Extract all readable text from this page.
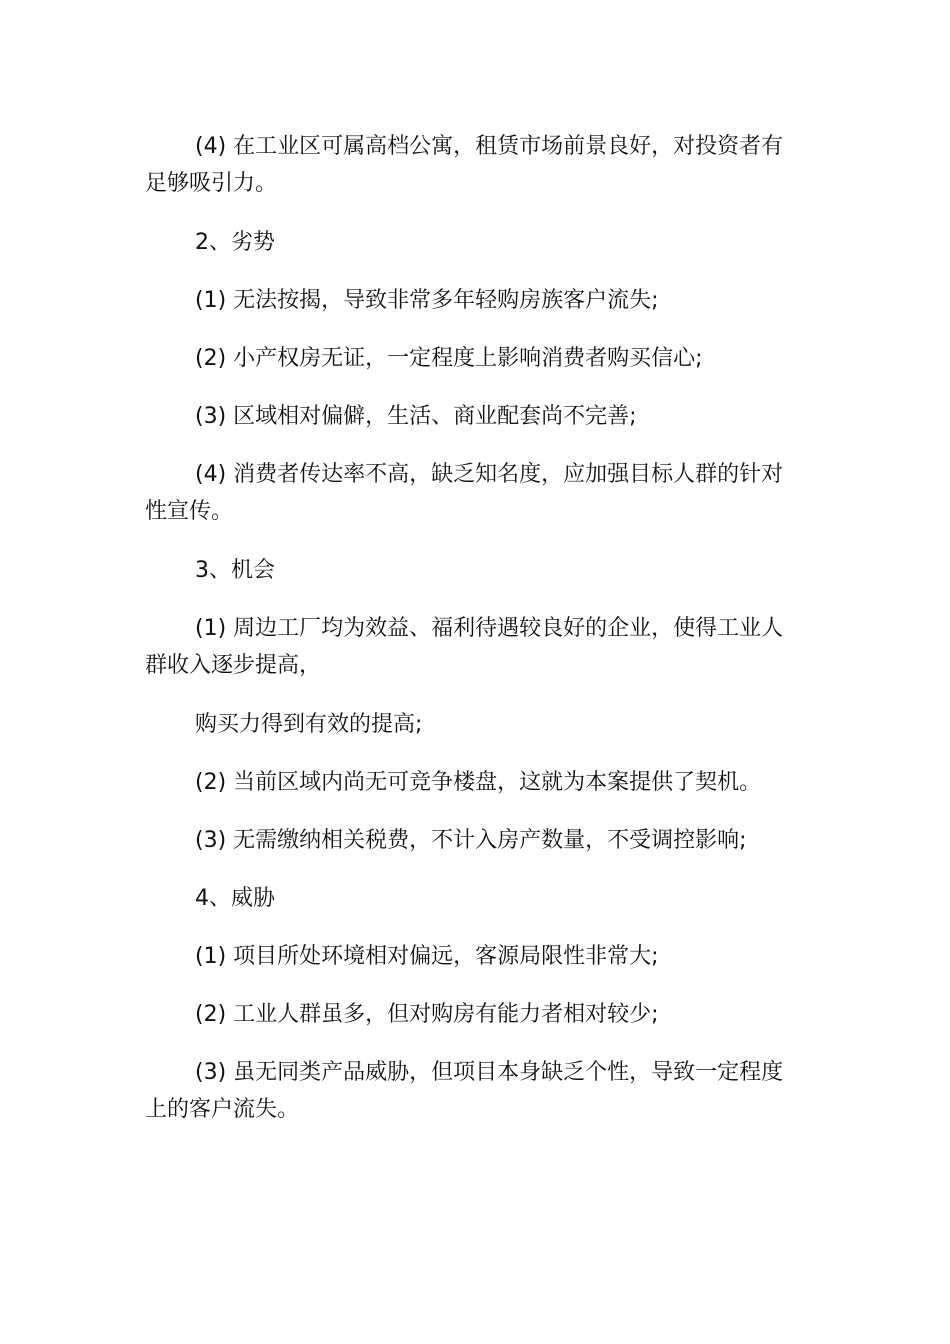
(4) 在工业区可属高档公寓，租赁市场前景良好，对投资者有足够吸引力。

2、劣势

(1) 无法按揭，导致非常多年轻购房族客户流失;

(2) 小产权房无证，一定程度上影响消费者购买信心;

(3) 区域相对偏僻，生活、商业配套尚不完善;

(4) 消费者传达率不高，缺乏知名度，应加强目标人群的针对性宣传。

3、机会

(1) 周边工厂均为效益、福利待遇较良好的企业，使得工业人群收入逐步提高，

购买力得到有效的提高;

(2) 当前区域内尚无可竞争楼盘，这就为本案提供了契机。

(3) 无需缴纳相关税费，不计入房产数量，不受调控影响;

4、威胁

(1) 项目所处环境相对偏远，客源局限性非常大;

(2) 工业人群虽多，但对购房有能力者相对较少;

(3) 虽无同类产品威胁，但项目本身缺乏个性，导致一定程度上的客户流失。
